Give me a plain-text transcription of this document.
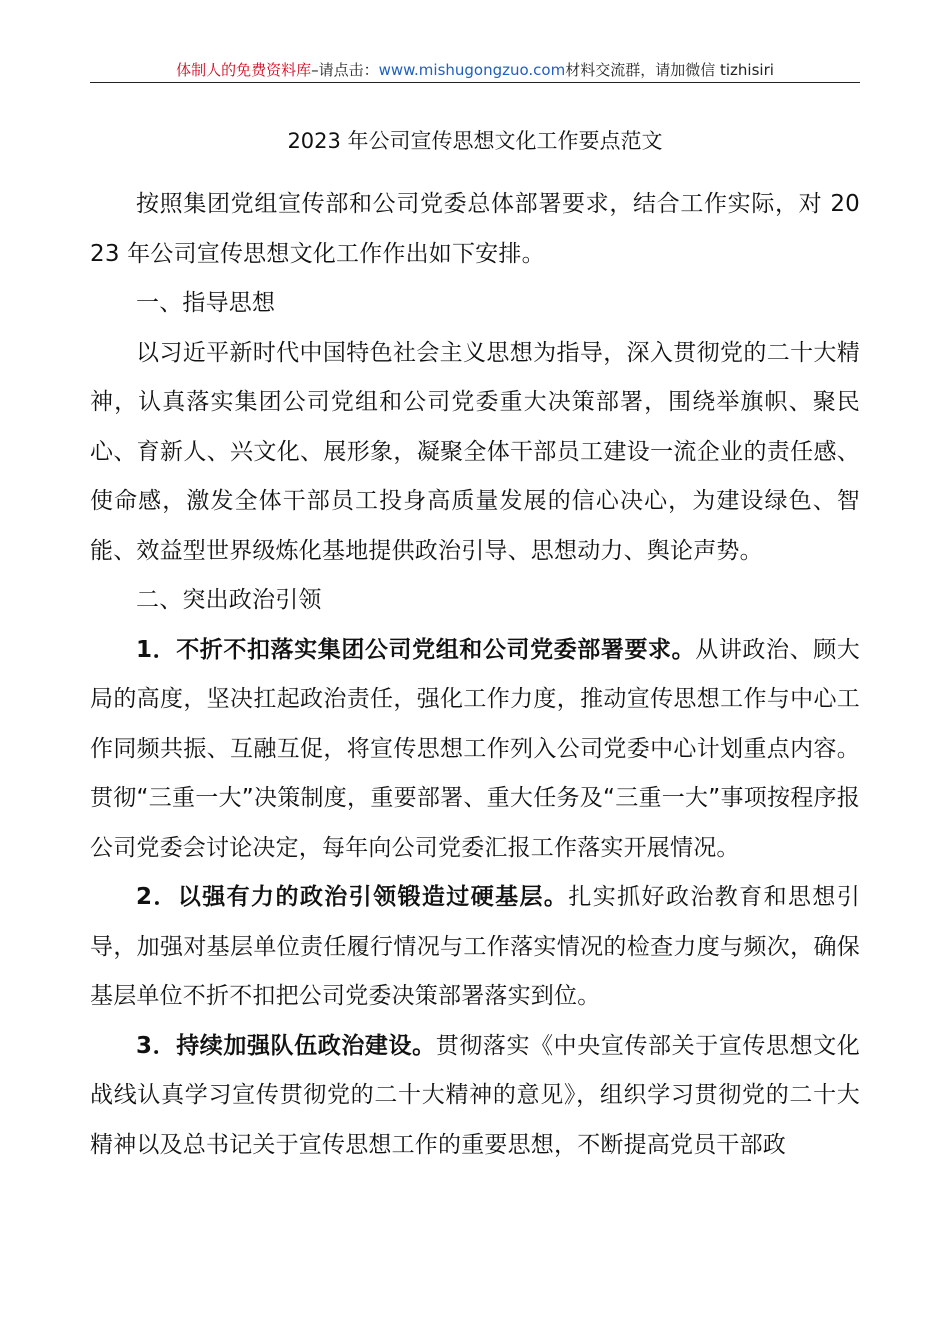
体制人的免费资料库–请点击：www.mishugongzuo.com材料交流群，请加微信 tizhisiri
2023 年公司宣传思想文化工作要点范文

按照集团党组宣传部和公司党委总体部署要求，结合工作实际，对 2023 年公司宣传思想文化工作作出如下安排。

一、指导思想

以习近平新时代中国特色社会主义思想为指导，深入贯彻党的二十大精神，认真落实集团公司党组和公司党委重大决策部署，围绕举旗帜、聚民心、育新人、兴文化、展形象，凝聚全体干部员工建设一流企业的责任感、使命感，激发全体干部员工投身高质量发展的信心决心，为建设绿色、智能、效益型世界级炼化基地提供政治引导、思想动力、舆论声势。

二、突出政治引领

1．不折不扣落实集团公司党组和公司党委部署要求。从讲政治、顾大局的高度，坚决扛起政治责任，强化工作力度，推动宣传思想工作与中心工作同频共振、互融互促，将宣传思想工作列入公司党委中心计划重点内容。贯彻“三重一大”决策制度，重要部署、重大任务及“三重一大”事项按程序报公司党委会讨论决定，每年向公司党委汇报工作落实开展情况。

2．以强有力的政治引领锻造过硬基层。扎实抓好政治教育和思想引导，加强对基层单位责任履行情况与工作落实情况的检查力度与频次，确保基层单位不折不扣把公司党委决策部署落实到位。

3．持续加强队伍政治建设。贯彻落实《中央宣传部关于宣传思想文化战线认真学习宣传贯彻党的二十大精神的意见》，组织学习贯彻党的二十大精神以及总书记关于宣传思想工作的重要思想，不断提高党员干部政
